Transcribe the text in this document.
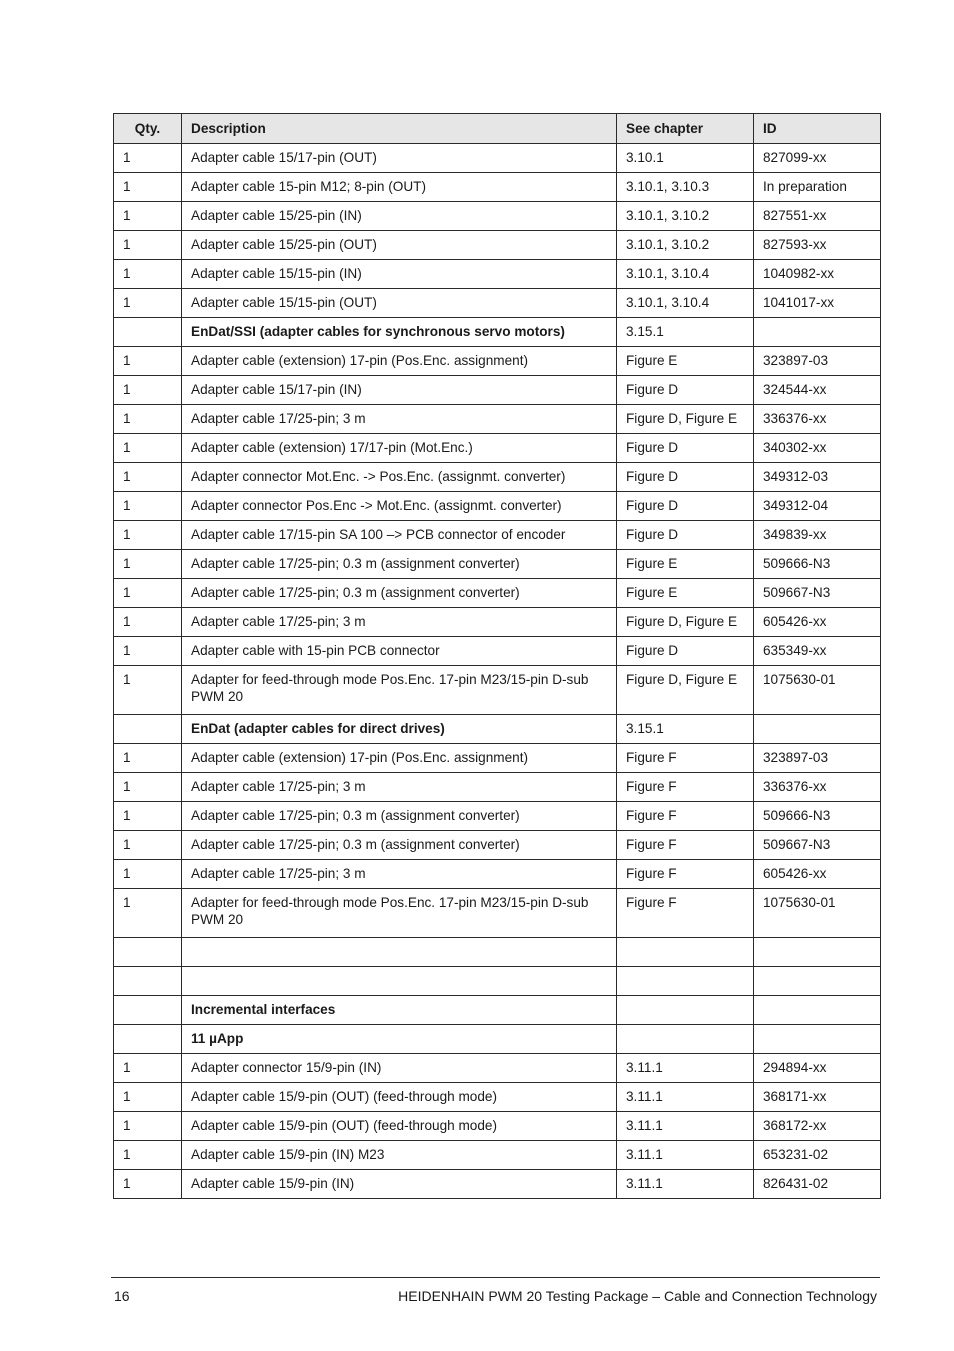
Qty.	Description	See chapter	ID
1	Adapter cable 15/17-pin (OUT)	3.10.1	827099-xx
1	Adapter cable 15-pin M12; 8-pin (OUT)	3.10.1, 3.10.3	In preparation
1	Adapter cable 15/25-pin (IN)	3.10.1, 3.10.2	827551-xx
1	Adapter cable 15/25-pin (OUT)	3.10.1, 3.10.2	827593-xx
1	Adapter cable 15/15-pin (IN)	3.10.1, 3.10.4	1040982-xx
1	Adapter cable 15/15-pin (OUT)	3.10.1, 3.10.4	1041017-xx
	EnDat/SSI (adapter cables for synchronous servo motors)	3.15.1	
1	Adapter cable (extension) 17-pin (Pos.Enc. assignment)	Figure E	323897-03
1	Adapter cable 15/17-pin (IN)	Figure D	324544-xx
1	Adapter cable 17/25-pin; 3 m	Figure D, Figure E	336376-xx
1	Adapter cable (extension) 17/17-pin (Mot.Enc.)	Figure D	340302-xx
1	Adapter connector Mot.Enc. -> Pos.Enc. (assignmt. converter)	Figure D	349312-03
1	Adapter connector Pos.Enc -> Mot.Enc. (assignmt. converter)	Figure D	349312-04
1	Adapter cable 17/15-pin SA 100 –> PCB connector of encoder	Figure D	349839-xx
1	Adapter cable 17/25-pin; 0.3 m (assignment converter)	Figure E	509666-N3
1	Adapter cable 17/25-pin; 0.3 m (assignment converter)	Figure E	509667-N3
1	Adapter cable 17/25-pin; 3 m	Figure D, Figure E	605426-xx
1	Adapter cable with 15-pin PCB connector	Figure D	635349-xx
1	Adapter for feed-through mode Pos.Enc. 17-pin M23/15-pin D-sub PWM 20	Figure D, Figure E	1075630-01
	EnDat (adapter cables for direct drives)	3.15.1	
1	Adapter cable (extension) 17-pin (Pos.Enc. assignment)	Figure F	323897-03
1	Adapter cable 17/25-pin; 3 m	Figure F	336376-xx
1	Adapter cable 17/25-pin; 0.3 m (assignment converter)	Figure F	509666-N3
1	Adapter cable 17/25-pin; 0.3 m (assignment converter)	Figure F	509667-N3
1	Adapter cable 17/25-pin; 3 m	Figure F	605426-xx
1	Adapter for feed-through mode Pos.Enc. 17-pin M23/15-pin D-sub PWM 20	Figure F	1075630-01

	Incremental interfaces		
	11 µApp		
1	Adapter connector 15/9-pin (IN)	3.11.1	294894-xx
1	Adapter cable 15/9-pin (OUT) (feed-through mode)	3.11.1	368171-xx
1	Adapter cable 15/9-pin (OUT) (feed-through mode)	3.11.1	368172-xx
1	Adapter cable 15/9-pin (IN) M23	3.11.1	653231-02
1	Adapter cable 15/9-pin (IN)	3.11.1	826431-02
16	HEIDENHAIN PWM 20 Testing Package – Cable and Connection Technology
